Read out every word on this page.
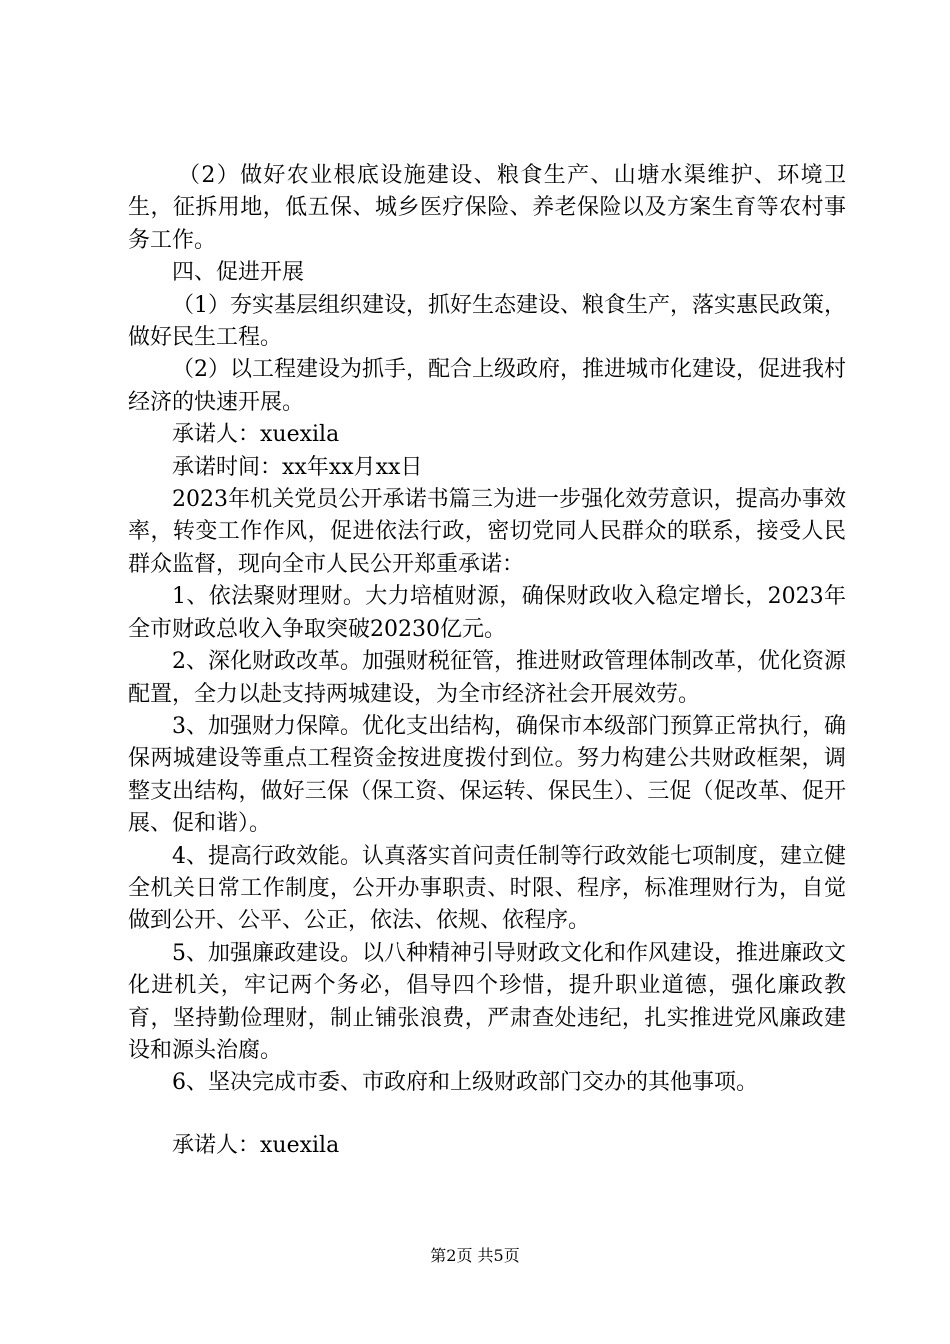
（2）做好农业根底设施建设、粮食生产、山塘水渠维护、环境卫生，征拆用地，低五保、城乡医疗保险、养老保险以及方案生育等农村事务工作。

四、促进开展

（1）夯实基层组织建设，抓好生态建设、粮食生产，落实惠民政策，做好民生工程。

（2）以工程建设为抓手，配合上级政府，推进城市化建设，促进我村经济的快速开展。

承诺人：xuexila

承诺时间：xx年xx月xx日

2023年机关党员公开承诺书篇三为进一步强化效劳意识，提高办事效率，转变工作作风，促进依法行政，密切党同人民群众的联系，接受人民群众监督，现向全市人民公开郑重承诺：

1、依法聚财理财。大力培植财源，确保财政收入稳定增长，2023年全市财政总收入争取突破20230亿元。

2、深化财政改革。加强财税征管，推进财政管理体制改革，优化资源配置，全力以赴支持两城建设，为全市经济社会开展效劳。

3、加强财力保障。优化支出结构，确保市本级部门预算正常执行，确保两城建设等重点工程资金按进度拨付到位。努力构建公共财政框架，调整支出结构，做好三保（保工资、保运转、保民生）、三促（促改革、促开展、促和谐）。

4、提高行政效能。认真落实首问责任制等行政效能七项制度，建立健全机关日常工作制度，公开办事职责、时限、程序，标准理财行为，自觉做到公开、公平、公正，依法、依规、依程序。

5、加强廉政建设。以八种精神引导财政文化和作风建设，推进廉政文化进机关，牢记两个务必，倡导四个珍惜，提升职业道德，强化廉政教育，坚持勤俭理财，制止铺张浪费，严肃查处违纪，扎实推进党风廉政建设和源头治腐。

6、坚决完成市委、市政府和上级财政部门交办的其他事项。

承诺人：xuexila

第2页 共5页
